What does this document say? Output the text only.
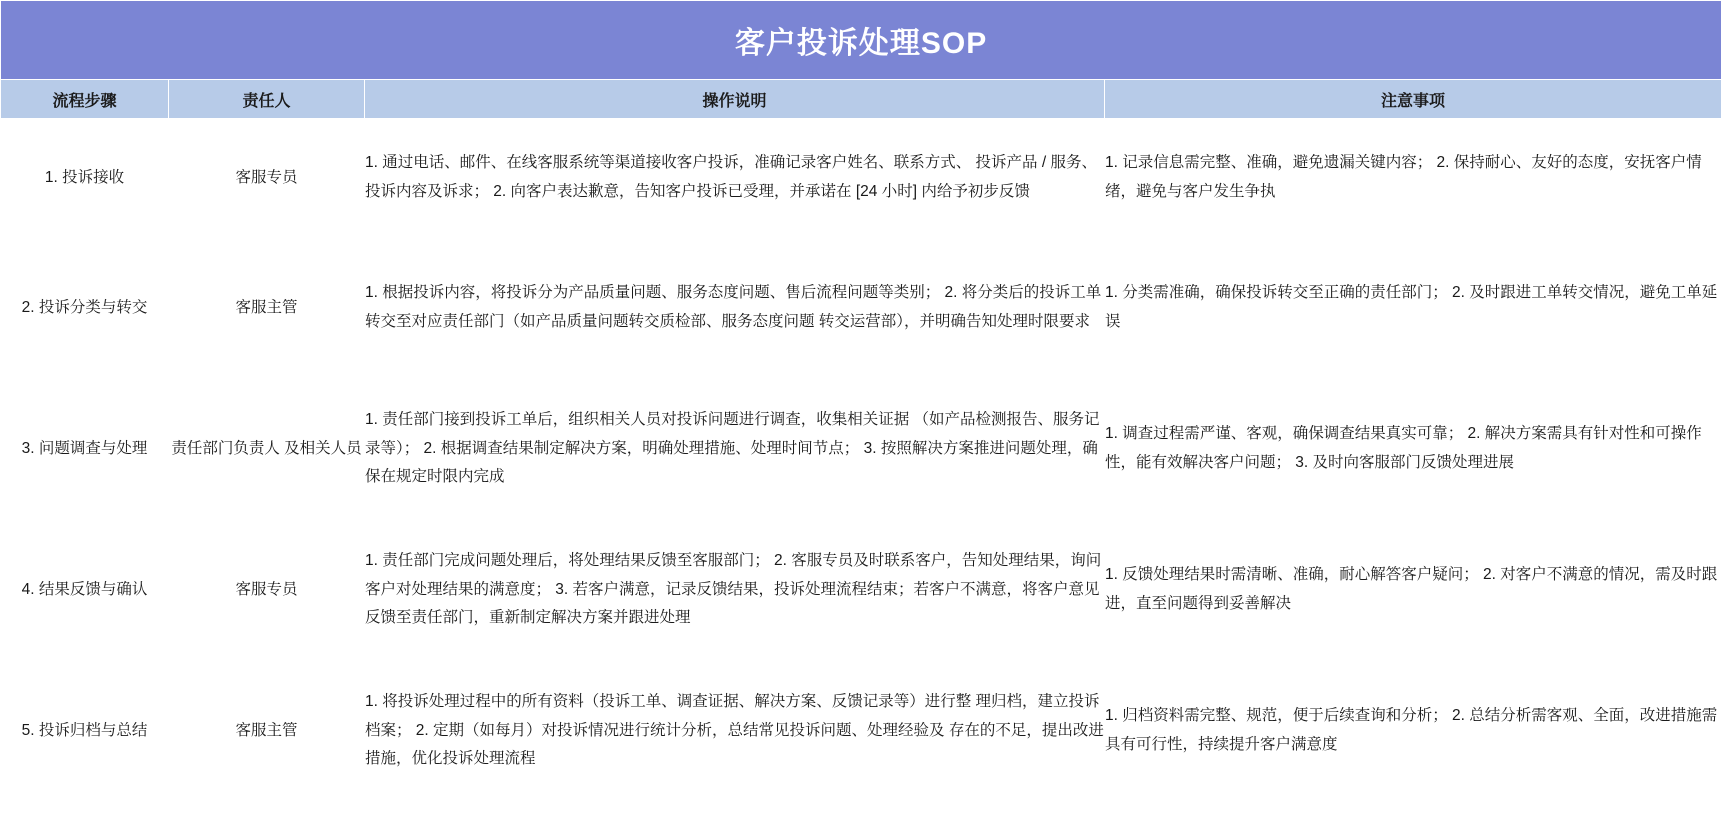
客户投诉处理SOP			
流程步骤	责任人	操作说明	注意事项
1. 投诉接收	客服专员	1. 通过电话、邮件、在线客服系统等渠道接收客户投诉，准确记录客户姓名、联系方式、 投诉产品 / 服务、投诉内容及诉求； 2. 向客户表达歉意，告知客户投诉已受理，并承诺在 [24 小时] 内给予初步反馈	1. 记录信息需完整、准确，避免遗漏关键内容； 2. 保持耐心、友好的态度，安抚客户情绪，避免与客户发生争执
2. 投诉分类与转交	客服主管	1. 根据投诉内容，将投诉分为产品质量问题、服务态度问题、售后流程问题等类别； 2. 将分类后的投诉工单转交至对应责任部门（如产品质量问题转交质检部、服务态度问题 转交运营部），并明确告知处理时限要求	1. 分类需准确，确保投诉转交至正确的责任部门； 2. 及时跟进工单转交情况，避免工单延误
3. 问题调查与处理	责任部门负责人 及相关人员	1. 责任部门接到投诉工单后，组织相关人员对投诉问题进行调查，收集相关证据 （如产品检测报告、服务记录等）； 2. 根据调查结果制定解决方案，明确处理措施、处理时间节点； 3. 按照解决方案推进问题处理，确保在规定时限内完成	1. 调查过程需严谨、客观，确保调查结果真实可靠； 2. 解决方案需具有针对性和可操作性，能有效解决客户问题； 3. 及时向客服部门反馈处理进展
4. 结果反馈与确认	客服专员	1. 责任部门完成问题处理后，将处理结果反馈至客服部门； 2. 客服专员及时联系客户，告知处理结果，询问客户对处理结果的满意度； 3. 若客户满意，记录反馈结果，投诉处理流程结束；若客户不满意，将客户意见 反馈至责任部门，重新制定解决方案并跟进处理	1. 反馈处理结果时需清晰、准确，耐心解答客户疑问； 2. 对客户不满意的情况，需及时跟进，直至问题得到妥善解决
5. 投诉归档与总结	客服主管	1. 将投诉处理过程中的所有资料（投诉工单、调查证据、解决方案、反馈记录等）进行整 理归档，建立投诉档案； 2. 定期（如每月）对投诉情况进行统计分析，总结常见投诉问题、处理经验及 存在的不足，提出改进措施，优化投诉处理流程	1. 归档资料需完整、规范，便于后续查询和分析； 2. 总结分析需客观、全面，改进措施需具有可行性，持续提升客户满意度
